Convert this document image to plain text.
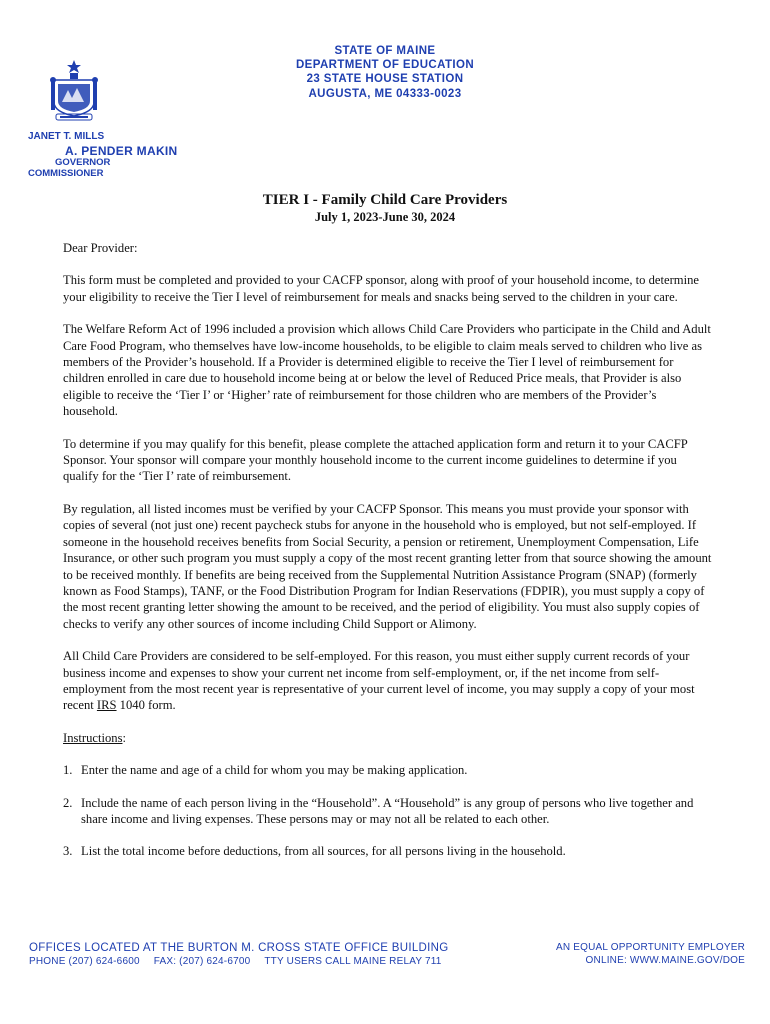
STATE OF MAINE
DEPARTMENT OF EDUCATION
23 STATE HOUSE STATION
AUGUSTA, ME 04333-0023
JANET T. MILLS
A. PENDER MAKIN
GOVERNOR
COMMISSIONER
TIER I - Family Child Care Providers
July 1, 2023-June 30, 2024

Dear Provider:

This form must be completed and provided to your CACFP sponsor, along with proof of your household income, to determine your eligibility to receive the Tier I level of reimbursement for meals and snacks being served to the children in your care.

The Welfare Reform Act of 1996 included a provision which allows Child Care Providers who participate in the Child and Adult Care Food Program, who themselves have low-income households, to be eligible to claim meals served to children who live as members of the Provider’s household. If a Provider is determined eligible to receive the Tier I level of reimbursement for children enrolled in care due to household income being at or below the level of Reduced Price meals, that Provider is also eligible to receive the ‘Tier I’ or ‘Higher’ rate of reimbursement for those children who are members of the Provider’s household.

To determine if you may qualify for this benefit, please complete the attached application form and return it to your CACFP Sponsor. Your sponsor will compare your monthly household income to the current income guidelines to determine if you qualify for the ‘Tier I’ rate of reimbursement.

By regulation, all listed incomes must be verified by your CACFP Sponsor. This means you must provide your sponsor with copies of several (not just one) recent paycheck stubs for anyone in the household who is employed, but not self-employed. If someone in the household receives benefits from Social Security, a pension or retirement, Unemployment Compensation, Life Insurance, or other such program you must supply a copy of the most recent granting letter from that source showing the amount to be received monthly. If benefits are being received from the Supplemental Nutrition Assistance Program (SNAP) (formerly known as Food Stamps), TANF, or the Food Distribution Program for Indian Reservations (FDPIR), you must supply a copy of the most recent granting letter showing the amount to be received, and the period of eligibility. You must also supply copies of checks to verify any other sources of income including Child Support or Alimony.

All Child Care Providers are considered to be self-employed. For this reason, you must either supply current records of your business income and expenses to show your current net income from self-employment, or, if the net income from self-employment from the most recent year is representative of your current level of income, you may supply a copy of your most recent IRS 1040 form.

Instructions:

1. Enter the name and age of a child for whom you may be making application.
2. Include the name of each person living in the “Household”. A “Household” is any group of persons who live together and share income and living expenses. These persons may or may not all be related to each other.
3. List the total income before deductions, from all sources, for all persons living in the household.
OFFICES LOCATED AT THE BURTON M. CROSS STATE OFFICE BUILDING
PHONE (207) 624-6600 FAX: (207) 624-6700 TTY USERS CALL MAINE RELAY 711
AN EQUAL OPPORTUNITY EMPLOYER
ONLINE: WWW.MAINE.GOV/DOE
